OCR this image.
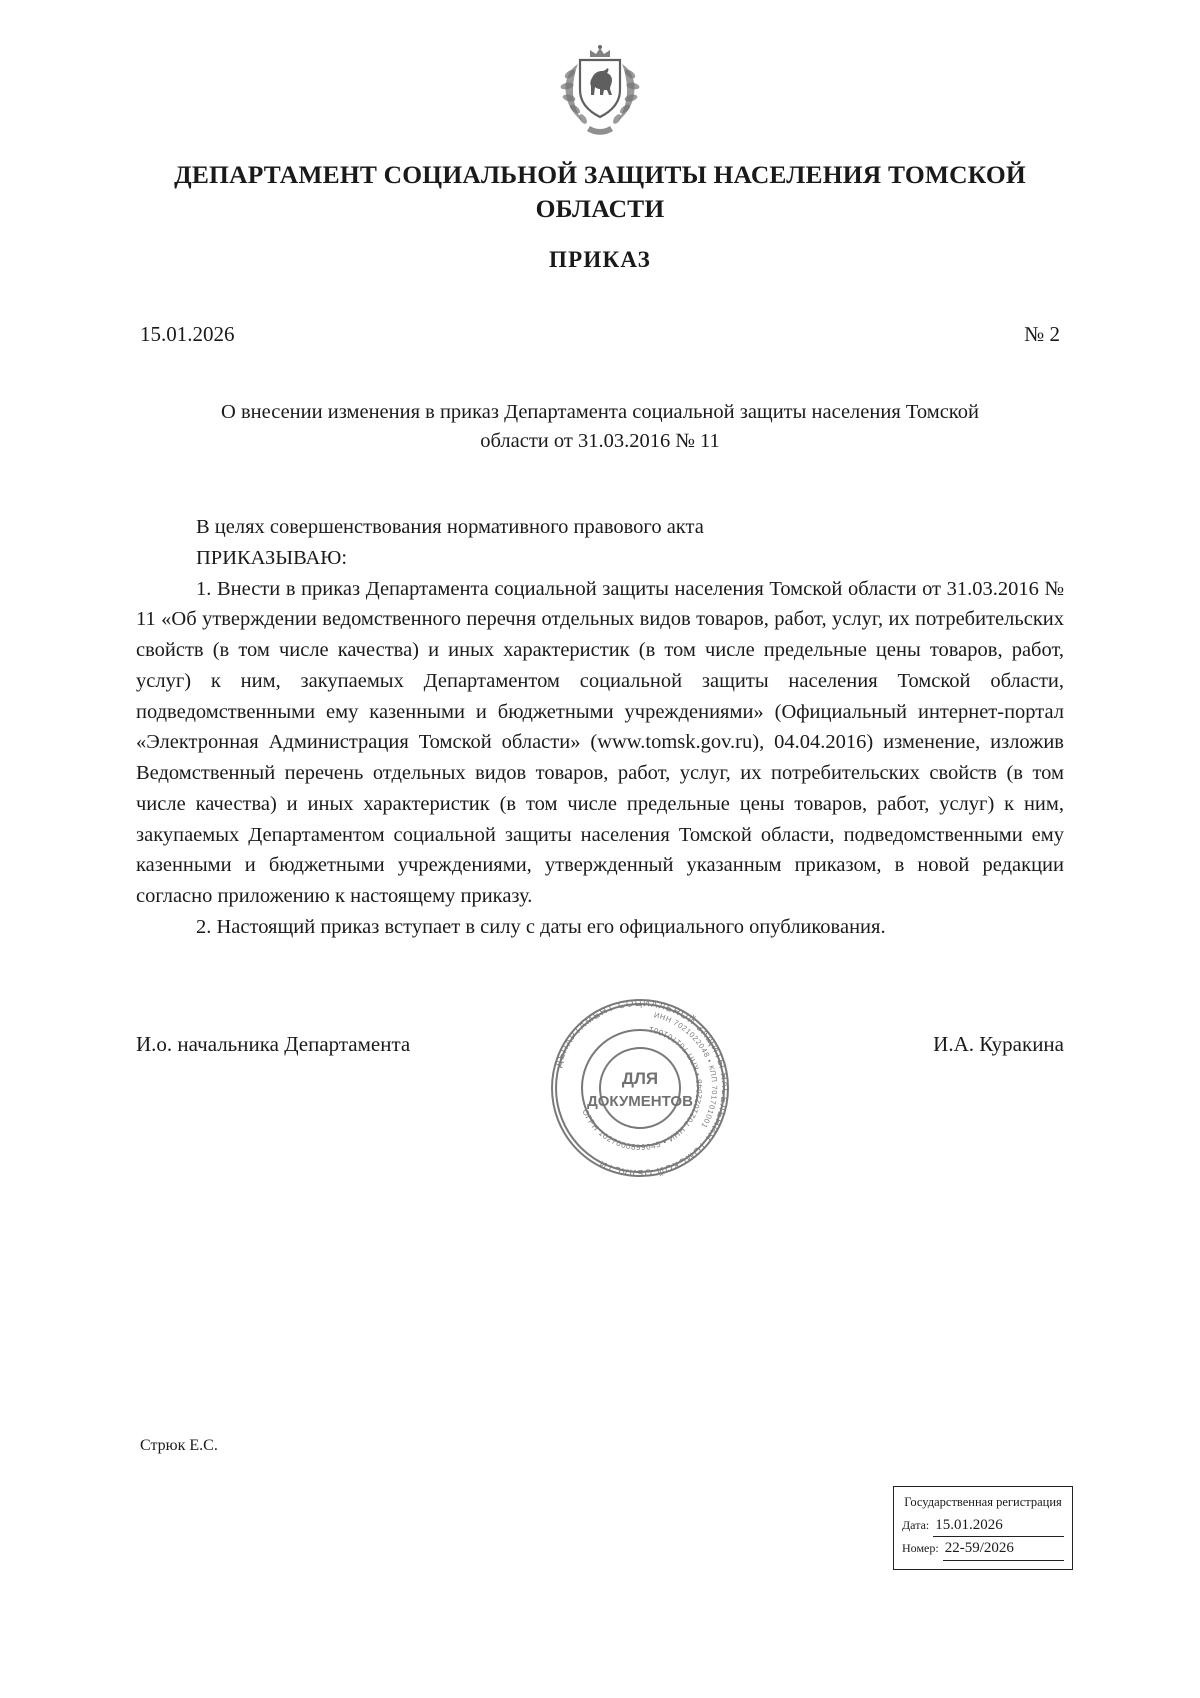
ДЕПАРТАМЕНТ СОЦИАЛЬНОЙ ЗАЩИТЫ НАСЕЛЕНИЯ ТОМСКОЙ ОБЛАСТИ
ПРИКАЗ
15.01.2026	№ 2
О внесении изменения в приказ Департамента социальной защиты населения Томской области от 31.03.2016 № 11

В целях совершенствования нормативного правового акта

ПРИКАЗЫВАЮ:

1. Внести в приказ Департамента социальной защиты населения Томской области от 31.03.2016 № 11 «Об утверждении ведомственного перечня отдельных видов товаров, работ, услуг, их потребительских свойств (в том числе качества) и иных характеристик (в том числе предельные цены товаров, работ, услуг) к ним, закупаемых Департаментом социальной защиты населения Томской области, подведомственными ему казенными и бюджетными учреждениями» (Официальный интернет-портал «Электронная Администрация Томской области» (www.tomsk.gov.ru), 04.04.2016) изменение, изложив Ведомственный перечень отдельных видов товаров, работ, услуг, их потребительских свойств (в том числе качества) и иных характеристик (в том числе предельные цены товаров, работ, услуг) к ним, закупаемых Департаментом социальной защиты населения Томской области, подведомственными ему казенными и бюджетными учреждениями, утвержденный указанным приказом, в новой редакции согласно приложению к настоящему приказу.

2. Настоящий приказ вступает в силу с даты его официального опубликования.

ДЕПАРТАМЕНТ СОЦИАЛЬНОЙ ЗАЩИТЫ НАСЕЛЕНИЯ ТОМСКОЙ ОБЛАСТИ
ОГРН 1027000899045 • ИНН 7021022048 • КПП 701701001
ИНН 7021022048 • КПП 701701001
ДЛЯ
ДОКУМЕНТОВ
И.о. начальника Департамента	И.А. Куракина
Стрюк Е.С.
Государственная регистрация
Дата: 15.01.2026
Номер: 22-59/2026
